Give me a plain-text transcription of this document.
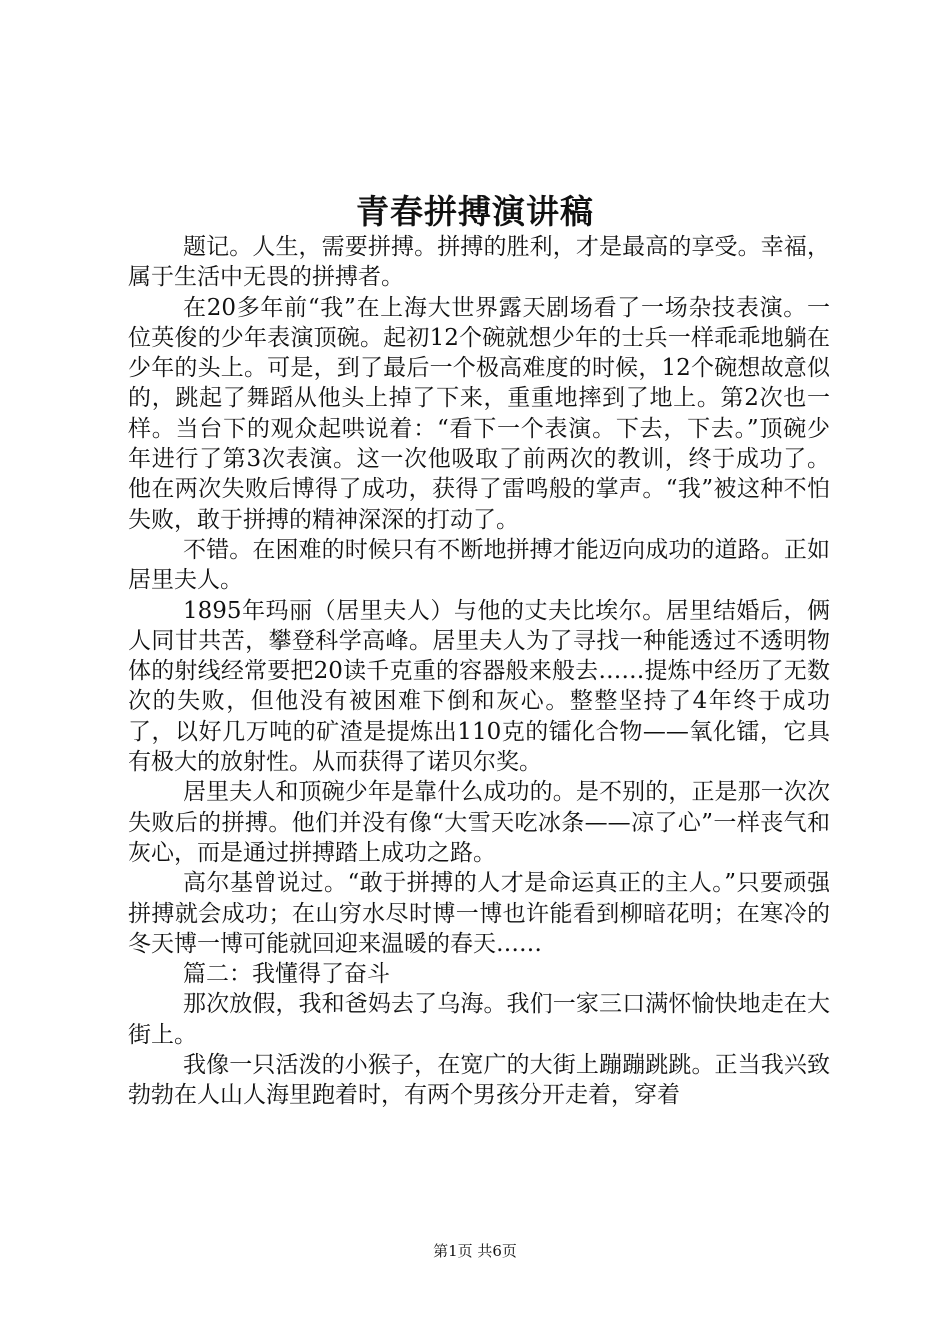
青春拼搏演讲稿

题记。人生，需要拼搏。拼搏的胜利，才是最高的享受。幸福，属于生活中无畏的拼搏者。

在20多年前“我”在上海大世界露天剧场看了一场杂技表演。一位英俊的少年表演顶碗。起初12个碗就想少年的士兵一样乖乖地躺在少年的头上。可是，到了最后一个极高难度的时候，12个碗想故意似的，跳起了舞蹈从他头上掉了下来，重重地摔到了地上。第2次也一样。当台下的观众起哄说着：“看下一个表演。下去，下去。”顶碗少年进行了第3次表演。这一次他吸取了前两次的教训，终于成功了。他在两次失败后博得了成功，获得了雷鸣般的掌声。“我”被这种不怕失败，敢于拼搏的精神深深的打动了。

不错。在困难的时候只有不断地拼搏才能迈向成功的道路。正如居里夫人。

1895年玛丽（居里夫人）与他的丈夫比埃尔。居里结婚后，俩人同甘共苦，攀登科学高峰。居里夫人为了寻找一种能透过不透明物体的射线经常要把20读千克重的容器般来般去……提炼中经历了无数次的失败，但他没有被困难下倒和灰心。整整坚持了4年终于成功了，以好几万吨的矿渣是提炼出110克的镭化合物——氧化镭，它具有极大的放射性。从而获得了诺贝尔奖。

居里夫人和顶碗少年是靠什么成功的。是不别的，正是那一次次失败后的拼搏。他们并没有像“大雪天吃冰条——凉了心”一样丧气和灰心，而是通过拼搏踏上成功之路。

高尔基曾说过。“敢于拼搏的人才是命运真正的主人。”只要顽强拼搏就会成功；在山穷水尽时博一博也许能看到柳暗花明；在寒冷的冬天博一博可能就回迎来温暖的春天……

篇二：我懂得了奋斗

那次放假，我和爸妈去了乌海。我们一家三口满怀愉快地走在大街上。

我像一只活泼的小猴子，在宽广的大街上蹦蹦跳跳。正当我兴致勃勃在人山人海里跑着时，有两个男孩分开走着，穿着

第1页 共6页
